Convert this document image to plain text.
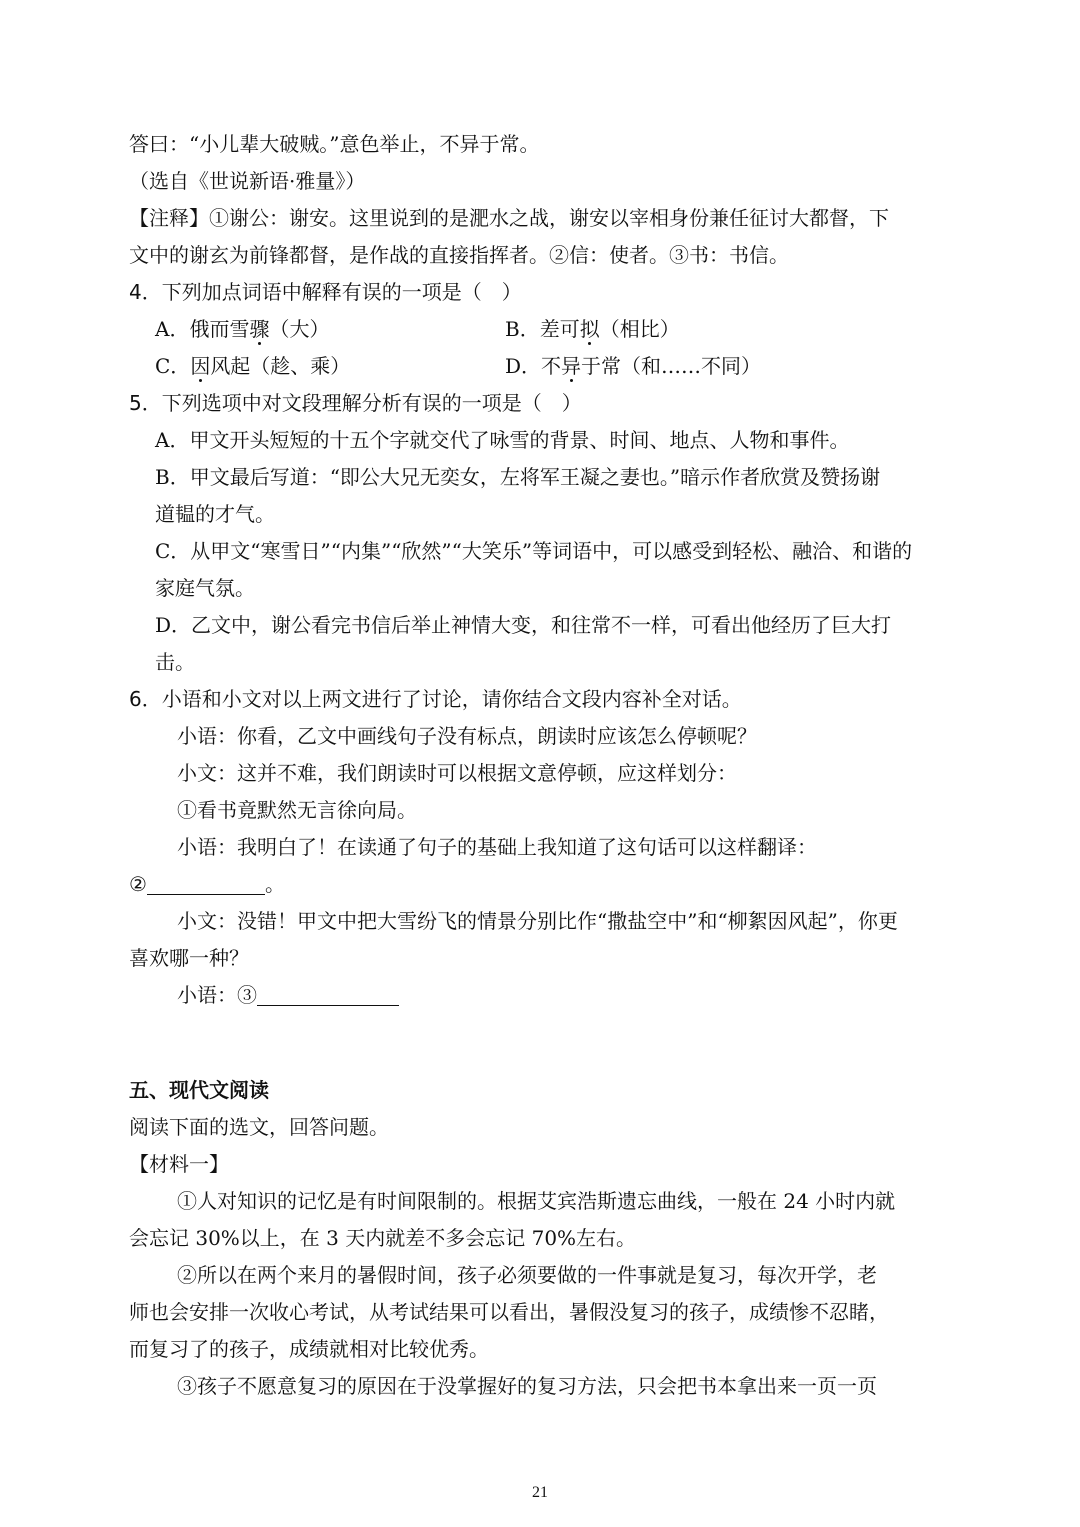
答曰：“小儿辈大破贼。”意色举止，不异于常。
（选自《世说新语·雅量》）
【注释】①谢公：谢安。这里说到的是淝水之战，谢安以宰相身份兼任征讨大都督，下
文中的谢玄为前锋都督，是作战的直接指挥者。②信：使者。③书：书信。
4．下列加点词语中解释有误的一项是（　）
A．俄而雪骤（大）	B．差可拟（相比）
C．因风起（趁、乘）	D．不异于常（和……不同）
5．下列选项中对文段理解分析有误的一项是（　）
A．甲文开头短短的十五个字就交代了咏雪的背景、时间、地点、人物和事件。
B．甲文最后写道：“即公大兄无奕女，左将军王凝之妻也。”暗示作者欣赏及赞扬谢
道韫的才气。
C．从甲文“寒雪日”“内集”“欣然”“大笑乐”等词语中，可以感受到轻松、融洽、和谐的
家庭气氛。
D．乙文中，谢公看完书信后举止神情大变，和往常不一样，可看出他经历了巨大打
击。
6．小语和小文对以上两文进行了讨论，请你结合文段内容补全对话。
小语：你看，乙文中画线句子没有标点，朗读时应该怎么停顿呢？
小文：这并不难，我们朗读时可以根据文意停顿，应这样划分：
①看书竟默然无言徐向局。
小语：我明白了！在读通了句子的基础上我知道了这句话可以这样翻译：
②	。
小文：没错！甲文中把大雪纷飞的情景分别比作“撒盐空中”和“柳絮因风起”，你更
喜欢哪一种？
小语：③
五、现代文阅读
阅读下面的选文，回答问题。
【材料一】
①人对知识的记忆是有时间限制的。根据艾宾浩斯遗忘曲线，一般在 24 小时内就
会忘记 30%以上，在 3 天内就差不多会忘记 70%左右。
②所以在两个来月的暑假时间，孩子必须要做的一件事就是复习，每次开学，老
师也会安排一次收心考试，从考试结果可以看出，暑假没复习的孩子，成绩惨不忍睹，
而复习了的孩子，成绩就相对比较优秀。
③孩子不愿意复习的原因在于没掌握好的复习方法，只会把书本拿出来一页一页
21
